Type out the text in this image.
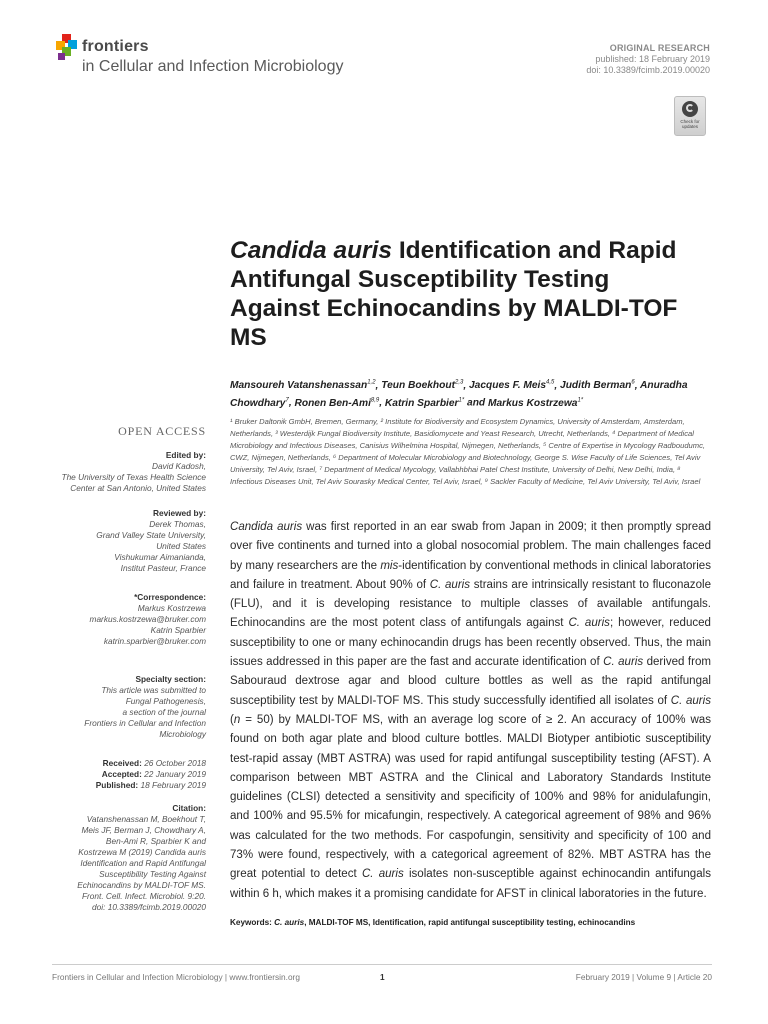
frontiers
in Cellular and Infection Microbiology
ORIGINAL RESEARCH
published: 18 February 2019
doi: 10.3389/fcimb.2019.00020
Check for updates
Candida auris Identification and Rapid Antifungal Susceptibility Testing Against Echinocandins by MALDI-TOF MS
Mansoureh Vatanshenassan$^{1,2}$, Teun Boekhout$^{2,3}$, Jacques F. Meis$^{4,5}$, Judith Berman$^6$, Anuradha Chowdhary$^7$, Ronen Ben-Ami$^{8,9}$, Katrin Sparbier$^{1*}$ and Markus Kostrzewa$^{1*}$
¹ Bruker Daltonik GmbH, Bremen, Germany, ² Institute for Biodiversity and Ecosystem Dynamics, University of Amsterdam, Amsterdam, Netherlands, ³ Westerdijk Fungal Biodiversity Institute, Basidiomycete and Yeast Research, Utrecht, Netherlands, ⁴ Department of Medical Microbiology and Infectious Diseases, Canisius Wilhelmina Hospital, Nijmegen, Netherlands, ⁵ Centre of Expertise in Mycology Radboudumc, CWZ, Nijmegen, Netherlands, ⁶ Department of Molecular Microbiology and Biotechnology, George S. Wise Faculty of Life Sciences, Tel Aviv University, Tel Aviv, Israel, ⁷ Department of Medical Mycology, Vallabhbhai Patel Chest Institute, University of Delhi, New Delhi, India, ⁸ Infectious Diseases Unit, Tel Aviv Sourasky Medical Center, Tel Aviv, Israel, ⁹ Sackler Faculty of Medicine, Tel Aviv University, Tel Aviv, Israel
OPEN ACCESS
Edited by:
David Kadosh,
The University of Texas Health Science
Center at San Antonio, United States
Reviewed by:
Derek Thomas,
Grand Valley State University,
United States
Vishukumar Aimanianda,
Institut Pasteur, France
*Correspondence:
Markus Kostrzewa
markus.kostrzewa@bruker.com
Katrin Sparbier
katrin.sparbier@bruker.com
Specialty section:
This article was submitted to
Fungal Pathogenesis,
a section of the journal
Frontiers in Cellular and Infection
Microbiology
Received: 26 October 2018
Accepted: 22 January 2019
Published: 18 February 2019
Citation:
Vatanshenassan M, Boekhout T,
Meis JF, Berman J, Chowdhary A,
Ben-Ami R, Sparbier K and
Kostrzewa M (2019) Candida auris
Identification and Rapid Antifungal
Susceptibility Testing Against
Echinocandins by MALDI-TOF MS.
Front. Cell. Infect. Microbiol. 9:20.
doi: 10.3389/fcimb.2019.00020

Candida auris was first reported in an ear swab from Japan in 2009; it then promptly spread over five continents and turned into a global nosocomial problem. The main challenges faced by many researchers are the mis-identification by conventional methods in clinical laboratories and failure in treatment. About 90% of C. auris strains are intrinsically resistant to fluconazole (FLU), and it is developing resistance to multiple classes of available antifungals. Echinocandins are the most potent class of antifungals against C. auris; however, reduced susceptibility to one or many echinocandin drugs has been recently observed. Thus, the main issues addressed in this paper are the fast and accurate identification of C. auris derived from Sabouraud dextrose agar and blood culture bottles as well as the rapid antifungal susceptibility test by MALDI-TOF MS. This study successfully identified all isolates of C. auris (n = 50) by MALDI-TOF MS, with an average log score of ≥ 2. An accuracy of 100% was found on both agar plate and blood culture bottles. MALDI Biotyper antibiotic susceptibility test-rapid assay (MBT ASTRA) was used for rapid antifungal susceptibility testing (AFST). A comparison between MBT ASTRA and the Clinical and Laboratory Standards Institute guidelines (CLSI) detected a sensitivity and specificity of 100% and 98% for anidulafungin, and 100% and 95.5% for micafungin, respectively. A categorical agreement of 98% and 96% was calculated for the two methods. For caspofungin, sensitivity and specificity of 100 and 73% were found, respectively, with a categorical agreement of 82%. MBT ASTRA has the great potential to detect C. auris isolates non-susceptible against echinocandin antifungals within 6 h, which makes it a promising candidate for AFST in clinical laboratories in the future.

Keywords: C. auris, MALDI-TOF MS, Identification, rapid antifungal susceptibility testing, echinocandins
Frontiers in Cellular and Infection Microbiology | www.frontiersin.org	1	February 2019 | Volume 9 | Article 20
